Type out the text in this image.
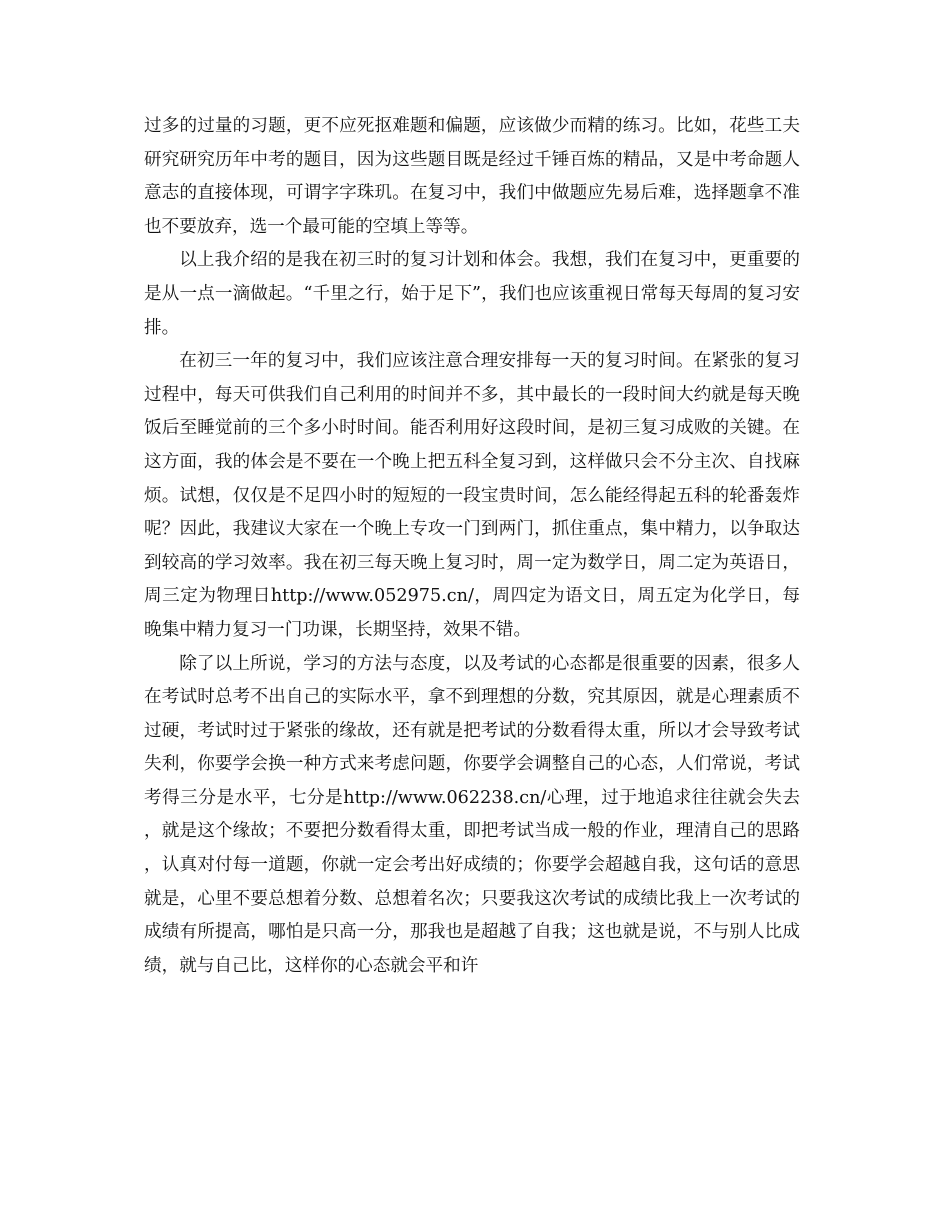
过多的过量的习题，更不应死抠难题和偏题，应该做少而精的练习。比如，花些工夫研究研究历年中考的题目，因为这些题目既是经过千锤百炼的精品，又是中考命题人意志的直接体现，可谓字字珠玑。在复习中，我们中做题应先易后难，选择题拿不准也不要放弃，选一个最可能的空填上等等。

以上我介绍的是我在初三时的复习计划和体会。我想，我们在复习中，更重要的是从一点一滴做起。“千里之行，始于足下”，我们也应该重视日常每天每周的复习安排。

在初三一年的复习中，我们应该注意合理安排每一天的复习时间。在紧张的复习过程中，每天可供我们自己利用的时间并不多，其中最长的一段时间大约就是每天晚饭后至睡觉前的三个多小时时间。能否利用好这段时间，是初三复习成败的关键。在这方面，我的体会是不要在一个晚上把五科全复习到，这样做只会不分主次、自找麻烦。试想，仅仅是不足四小时的短短的一段宝贵时间，怎么能经得起五科的轮番轰炸呢？因此，我建议大家在一个晚上专攻一门到两门，抓住重点，集中精力，以争取达到较高的学习效率。我在初三每天晚上复习时，周一定为数学日，周二定为英语日，周三定为物理日http://www.052975.cn/，周四定为语文日，周五定为化学日，每晚集中精力复习一门功课，长期坚持，效果不错。

除了以上所说，学习的方法与态度，以及考试的心态都是很重要的因素，很多人在考试时总考不出自己的实际水平，拿不到理想的分数，究其原因，就是心理素质不过硬，考试时过于紧张的缘故，还有就是把考试的分数看得太重，所以才会导致考试失利，你要学会换一种方式来考虑问题，你要学会调整自己的心态，人们常说，考试考得三分是水平，七分是http://www.062238.cn/心理，过于地追求往往就会失去，就是这个缘故；不要把分数看得太重，即把考试当成一般的作业，理清自己的思路，认真对付每一道题，你就一定会考出好成绩的；你要学会超越自我，这句话的意思就是，心里不要总想着分数、总想着名次；只要我这次考试的成绩比我上一次考试的成绩有所提高，哪怕是只高一分，那我也是超越了自我；这也就是说，不与别人比成绩，就与自己比，这样你的心态就会平和许
